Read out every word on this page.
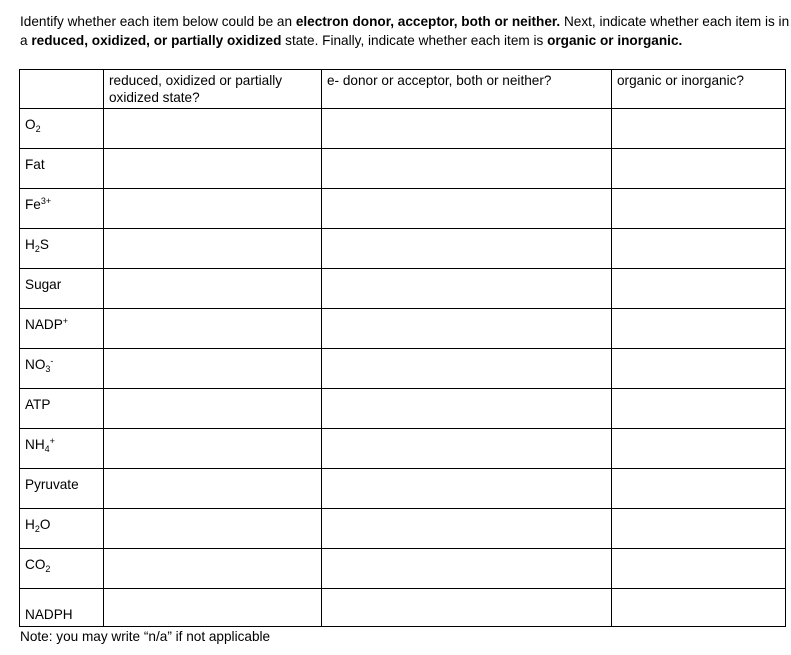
Identify whether each item below could be an electron donor, acceptor, both or neither. Next, indicate whether each item is in a reduced, oxidized, or partially oxidized state. Finally, indicate whether each item is organic or inorganic.

	reduced, oxidized or partially oxidized state?	e- donor or acceptor, both or neither?	organic or inorganic?

$O_2$

Fat			

$Fe^{3+}$

$H_2S$			

Sugar			

NADP+

$NO_3^-$

ATP			

$NH_4^+$

Pyruvate			

$H_2O$			

$CO_2$

NADPH			

Note: you may write “n/a” if not applicable
